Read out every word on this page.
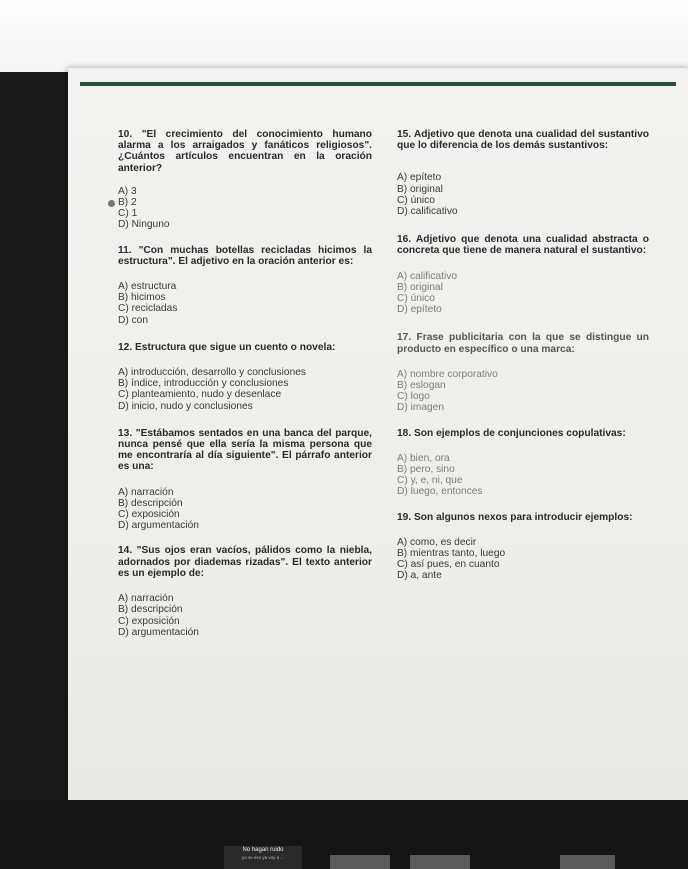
10. "El crecimiento del conocimiento humano alarma a los arraigados y fanáticos religiosos". ¿Cuántos artículos encuentran en la oración anterior?

A) 3
B) 2
C) 1
D) Ninguno

11. "Con muchas botellas recicladas hicimos la estructura". El adjetivo en la oración anterior es:

A) estructura
B) hicimos
C) recicladas
D) con

12. Estructura que sigue un cuento o novela:

A) introducción, desarrollo y conclusiones
B) índice, introducción y conclusiones
C) planteamiento, nudo y desenlace
D) inicio, nudo y conclusiones

13. "Estábamos sentados en una banca del parque, nunca pensé que ella sería la misma persona que me encontraría al día siguiente". El párrafo anterior es una:

A) narración
B) descripción
C) exposición
D) argumentación

14. "Sus ojos eran vacíos, pálidos como la niebla, adornados por diademas rizadas". El texto anterior es un ejemplo de:

A) narración
B) descripción
C) exposición
D) argumentación

15. Adjetivo que denota una cualidad del sustantivo que lo diferencia de los demás sustantivos:

A) epíteto
B) original
C) único
D) calificativo

16. Adjetivo que denota una cualidad abstracta o concreta que tiene de manera natural el sustantivo:

A) calificativo
B) original
C) único
D) epíteto

17. Frase publicitaria con la que se distingue un producto en específico o una marca:

A) nombre corporativo
B) eslogan
C) logo
D) imagen

18. Son ejemplos de conjunciones copulativas:

A) bien, ora
B) pero, sino
C) y, e, ni, que
D) luego, entonces

19. Son algunos nexos para introducir ejemplos:

A) como, es decir
B) mientras tanto, luego
C) así pues, en cuanto
D) a, ante
No hagan ruido
yo se eso ya voy a ...
